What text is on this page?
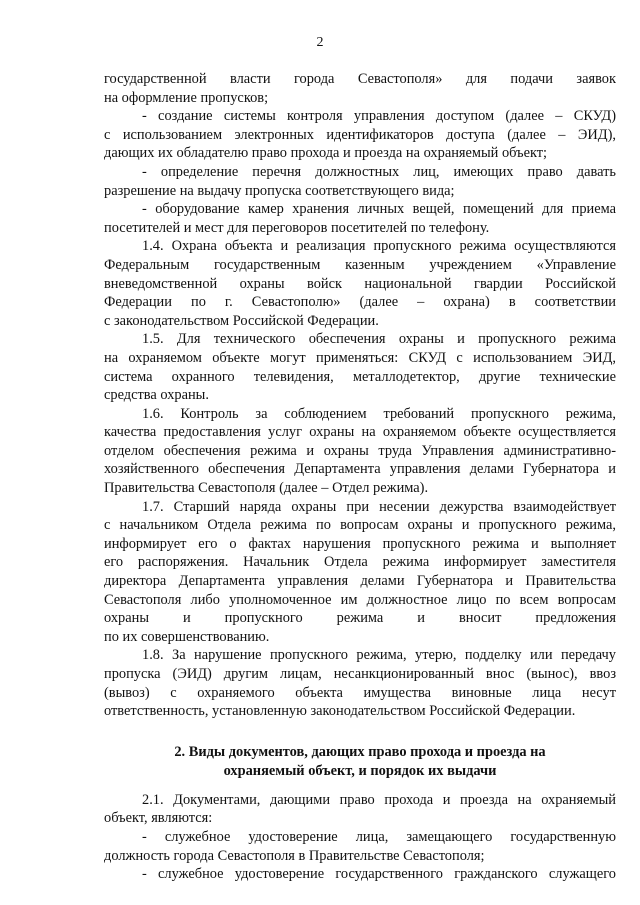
2
государственной власти города Севастополя» для подачи заявок
на оформление пропусков;
- создание системы контроля управления доступом (далее – СКУД)
с использованием электронных идентификаторов доступа (далее – ЭИД),
дающих их обладателю право прохода и проезда на охраняемый объект;
- определение перечня должностных лиц, имеющих право давать
разрешение на выдачу пропуска соответствующего вида;
- оборудование камер хранения личных вещей, помещений для приема
посетителей и мест для переговоров посетителей по телефону.
1.4. Охрана объекта и реализация пропускного режима осуществляются
Федеральным государственным казенным учреждением «Управление
вневедомственной охраны войск национальной гвардии Российской
Федерации по г. Севастополю» (далее – охрана) в соответствии
с законодательством Российской Федерации.
1.5. Для технического обеспечения охраны и пропускного режима
на охраняемом объекте могут применяться: СКУД с использованием ЭИД,
система охранного телевидения, металлодетектор, другие технические
средства охраны.
1.6. Контроль за соблюдением требований пропускного режима,
качества предоставления услуг охраны на охраняемом объекте осуществляется
отделом обеспечения режима и охраны труда Управления административно-
хозяйственного обеспечения Департамента управления делами Губернатора и
Правительства Севастополя (далее – Отдел режима).
1.7. Старший наряда охраны при несении дежурства взаимодействует
с начальником Отдела режима по вопросам охраны и пропускного режима,
информирует его о фактах нарушения пропускного режима и выполняет
его распоряжения. Начальник Отдела режима информирует заместителя
директора Департамента управления делами Губернатора и Правительства
Севастополя либо уполномоченное им должностное лицо по всем вопросам
охраны и пропускного режима и вносит предложения
по их совершенствованию.
1.8. За нарушение пропускного режима, утерю, подделку или передачу
пропуска (ЭИД) другим лицам, несанкционированный внос (вынос), ввоз
(вывоз) с охраняемого объекта имущества виновные лица несут
ответственность, установленную законодательством Российской Федерации.
2. Виды документов, дающих право прохода и проезда на
охраняемый объект, и порядок их выдачи
2.1. Документами, дающими право прохода и проезда на охраняемый
объект, являются:
- служебное удостоверение лица, замещающего государственную
должность города Севастополя в Правительстве Севастополя;
- служебное удостоверение государственного гражданского служащего
